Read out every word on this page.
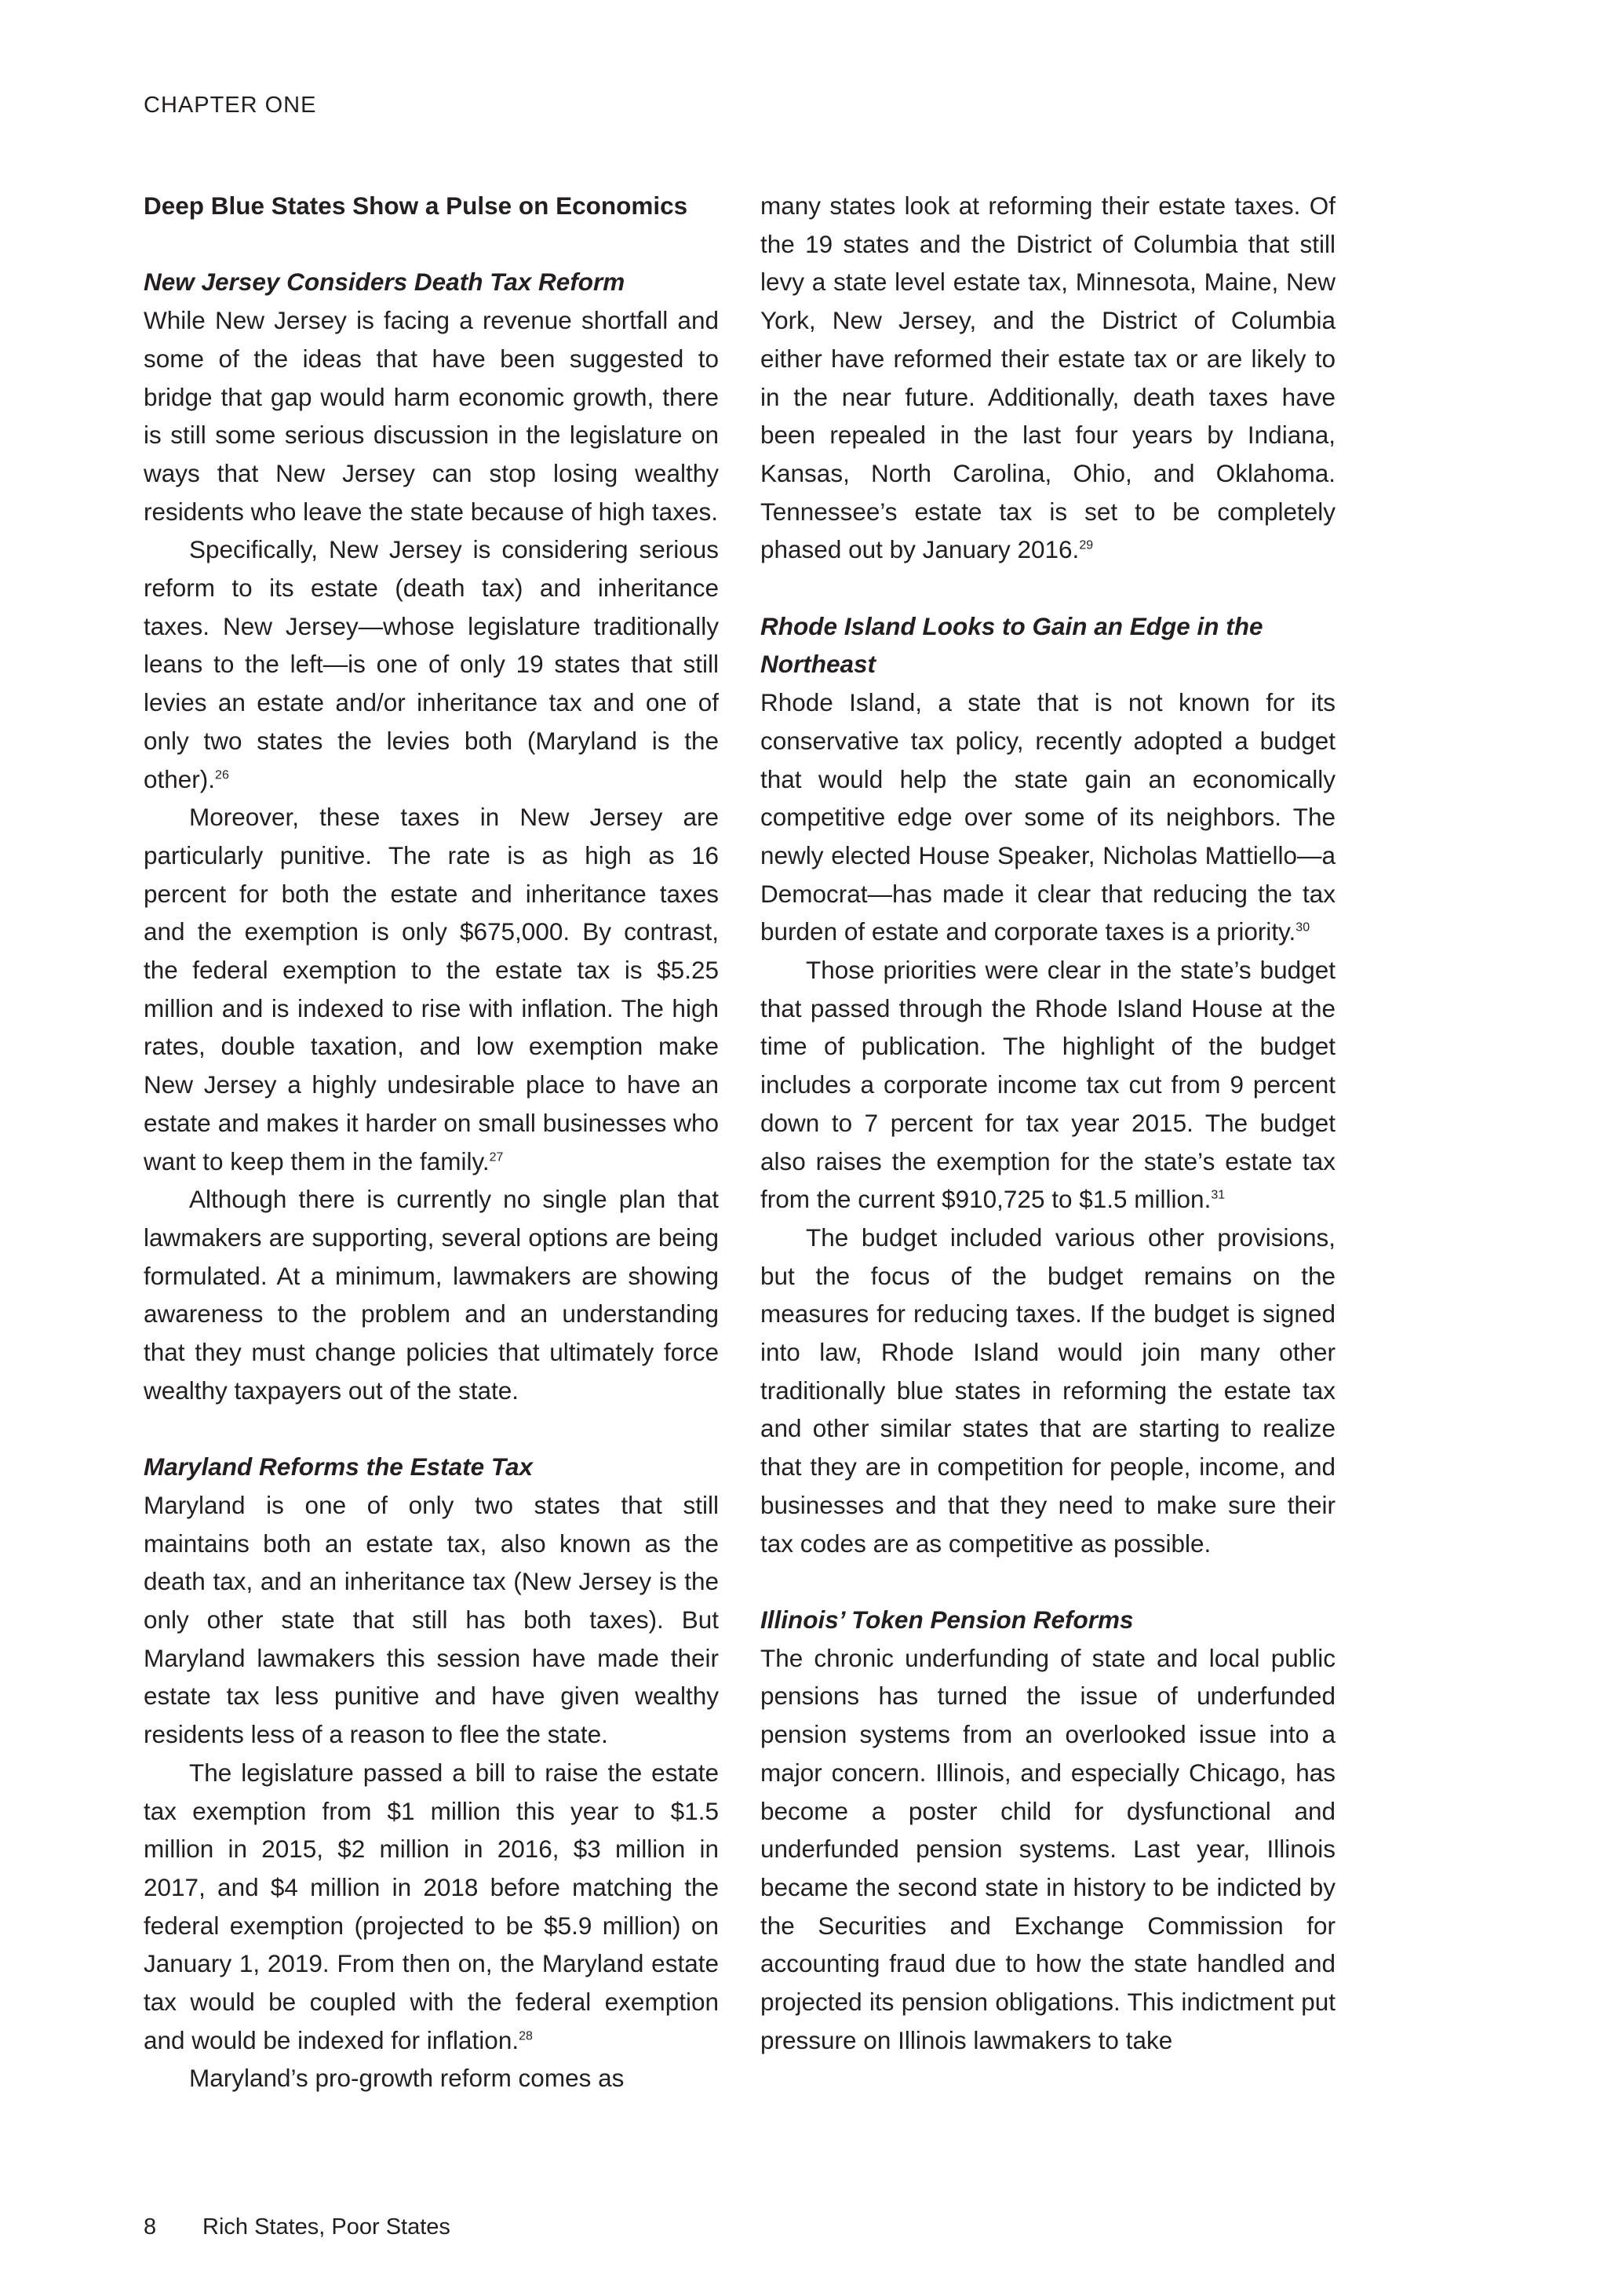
CHAPTER ONE
Deep Blue States Show a Pulse on Economics
New Jersey Considers Death Tax Reform

While New Jersey is facing a revenue shortfall and some of the ideas that have been suggested to bridge that gap would harm economic growth, there is still some serious discussion in the legislature on ways that New Jersey can stop losing wealthy residents who leave the state because of high taxes.

Specifically, New Jersey is considering serious reform to its estate (death tax) and inheritance taxes. New Jersey—whose legislature traditionally leans to the left—is one of only 19 states that still levies an estate and/or inheritance tax and one of only two states the levies both (Maryland is the other).$^{26}$

Moreover, these taxes in New Jersey are particularly punitive. The rate is as high as 16 percent for both the estate and inheritance taxes and the exemption is only $675,000. By contrast, the federal exemption to the estate tax is $5.25 million and is indexed to rise with inflation. The high rates, double taxation, and low exemption make New Jersey a highly undesirable place to have an estate and makes it harder on small businesses who want to keep them in the family.$^{27}$

Although there is currently no single plan that lawmakers are supporting, several options are being formulated. At a minimum, lawmakers are showing awareness to the problem and an understanding that they must change policies that ultimately force wealthy taxpayers out of the state.

Maryland Reforms the Estate Tax

Maryland is one of only two states that still maintains both an estate tax, also known as the death tax, and an inheritance tax (New Jersey is the only other state that still has both taxes). But Maryland lawmakers this session have made their estate tax less punitive and have given wealthy residents less of a reason to flee the state.

The legislature passed a bill to raise the estate tax exemption from $1 million this year to $1.5 million in 2015, $2 million in 2016, $3 million in 2017, and $4 million in 2018 before matching the federal exemption (projected to be $5.9 million) on January 1, 2019. From then on, the Maryland estate tax would be coupled with the federal exemption and would be indexed for inflation.$^{28}$

Maryland’s pro-growth reform comes as

many states look at reforming their estate taxes. Of the 19 states and the District of Columbia that still levy a state level estate tax, Minnesota, Maine, New York, New Jersey, and the District of Columbia either have reformed their estate tax or are likely to in the near future. Additionally, death taxes have been repealed in the last four years by Indiana, Kansas, North Carolina, Ohio, and Oklahoma. Tennessee’s estate tax is set to be completely phased out by January 2016.29

Rhode Island Looks to Gain an Edge in the Northeast

Rhode Island, a state that is not known for its conservative tax policy, recently adopted a budget that would help the state gain an economically competitive edge over some of its neighbors. The newly elected House Speaker, Nicholas Mattiello—a Democrat—has made it clear that reducing the tax burden of estate and corporate taxes is a priority.$^{30}$

Those priorities were clear in the state’s budget that passed through the Rhode Island House at the time of publication. The highlight of the budget includes a corporate income tax cut from 9 percent down to 7 percent for tax year 2015. The budget also raises the exemption for the state’s estate tax from the current $910,725 to $1.5 million.$^{31}$

The budget included various other provisions, but the focus of the budget remains on the measures for reducing taxes. If the budget is signed into law, Rhode Island would join many other traditionally blue states in reforming the estate tax and other similar states that are starting to realize that they are in competition for people, income, and businesses and that they need to make sure their tax codes are as competitive as possible.

Illinois’ Token Pension Reforms

The chronic underfunding of state and local public pensions has turned the issue of underfunded pension systems from an overlooked issue into a major concern. Illinois, and especially Chicago, has become a poster child for dysfunctional and underfunded pension systems. Last year, Illinois became the second state in history to be indicted by the Securities and Exchange Commission for accounting fraud due to how the state handled and projected its pension obligations. This indictment put pressure on Illinois lawmakers to take

8 Rich States, Poor States
